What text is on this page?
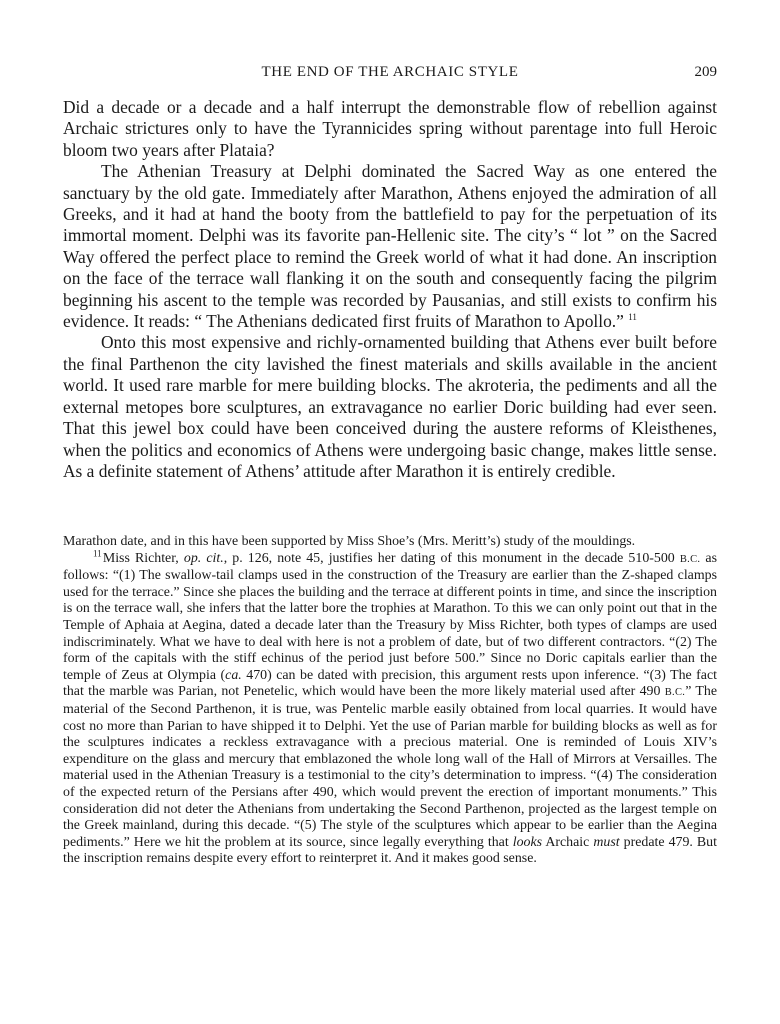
THE END OF THE ARCHAIC STYLE	209

Did a decade or a decade and a half interrupt the demonstrable flow of rebellion against Archaic strictures only to have the Tyrannicides spring without parentage into full Heroic bloom two years after Plataia?

The Athenian Treasury at Delphi dominated the Sacred Way as one entered the sanctuary by the old gate. Immediately after Marathon, Athens enjoyed the admiration of all Greeks, and it had at hand the booty from the battlefield to pay for the perpetuation of its immortal moment. Delphi was its favorite pan-Hellenic site. The city’s “ lot ” on the Sacred Way offered the perfect place to remind the Greek world of what it had done. An inscription on the face of the terrace wall flanking it on the south and consequently facing the pilgrim beginning his ascent to the temple was recorded by Pausanias, and still exists to confirm his evidence. It reads: “ The Athenians dedicated first fruits of Marathon to Apollo.” $^{11}$

Onto this most expensive and richly-ornamented building that Athens ever built before the final Parthenon the city lavished the finest materials and skills available in the ancient world. It used rare marble for mere building blocks. The akroteria, the pediments and all the external metopes bore sculptures, an extravagance no earlier Doric building had ever seen. That this jewel box could have been conceived during the austere reforms of Kleisthenes, when the politics and economics of Athens were undergoing basic change, makes little sense. As a definite statement of Athens’ attitude after Marathon it is entirely credible.

Marathon date, and in this have been supported by Miss Shoe’s (Mrs. Meritt’s) study of the mouldings.

$^{11}$ Miss Richter, op. cit., p. 126, note 45, justifies her dating of this monument in the decade 510-500 B.C. as follows: “(1) The swallow-tail clamps used in the construction of the Treasury are earlier than the Z-shaped clamps used for the terrace.” Since she places the building and the terrace at different points in time, and since the inscription is on the terrace wall, she infers that the latter bore the trophies at Marathon. To this we can only point out that in the Temple of Aphaia at Aegina, dated a decade later than the Treasury by Miss Richter, both types of clamps are used indiscriminately. What we have to deal with here is not a problem of date, but of two different contractors. “(2) The form of the capitals with the stiff echinus of the period just before 500.” Since no Doric capitals earlier than the temple of Zeus at Olympia (ca. 470) can be dated with precision, this argument rests upon inference. “(3) The fact that the marble was Parian, not Penetelic, which would have been the more likely material used after 490 B.C.” The material of the Second Parthenon, it is true, was Pentelic marble easily obtained from local quarries. It would have cost no more than Parian to have shipped it to Delphi. Yet the use of Parian marble for building blocks as well as for the sculptures indicates a reckless extravagance with a precious material. One is reminded of Louis XIV’s expenditure on the glass and mercury that emblazoned the whole long wall of the Hall of Mirrors at Versailles. The material used in the Athenian Treasury is a testimonial to the city’s determination to impress. “(4) The consideration of the expected return of the Persians after 490, which would prevent the erection of important monuments.” This consideration did not deter the Athenians from undertaking the Second Parthenon, projected as the largest temple on the Greek mainland, during this decade. “(5) The style of the sculptures which appear to be earlier than the Aegina pediments.” Here we hit the problem at its source, since legally everything that looks Archaic must predate 479. But the inscription remains despite every effort to reinterpret it. And it makes good sense.
